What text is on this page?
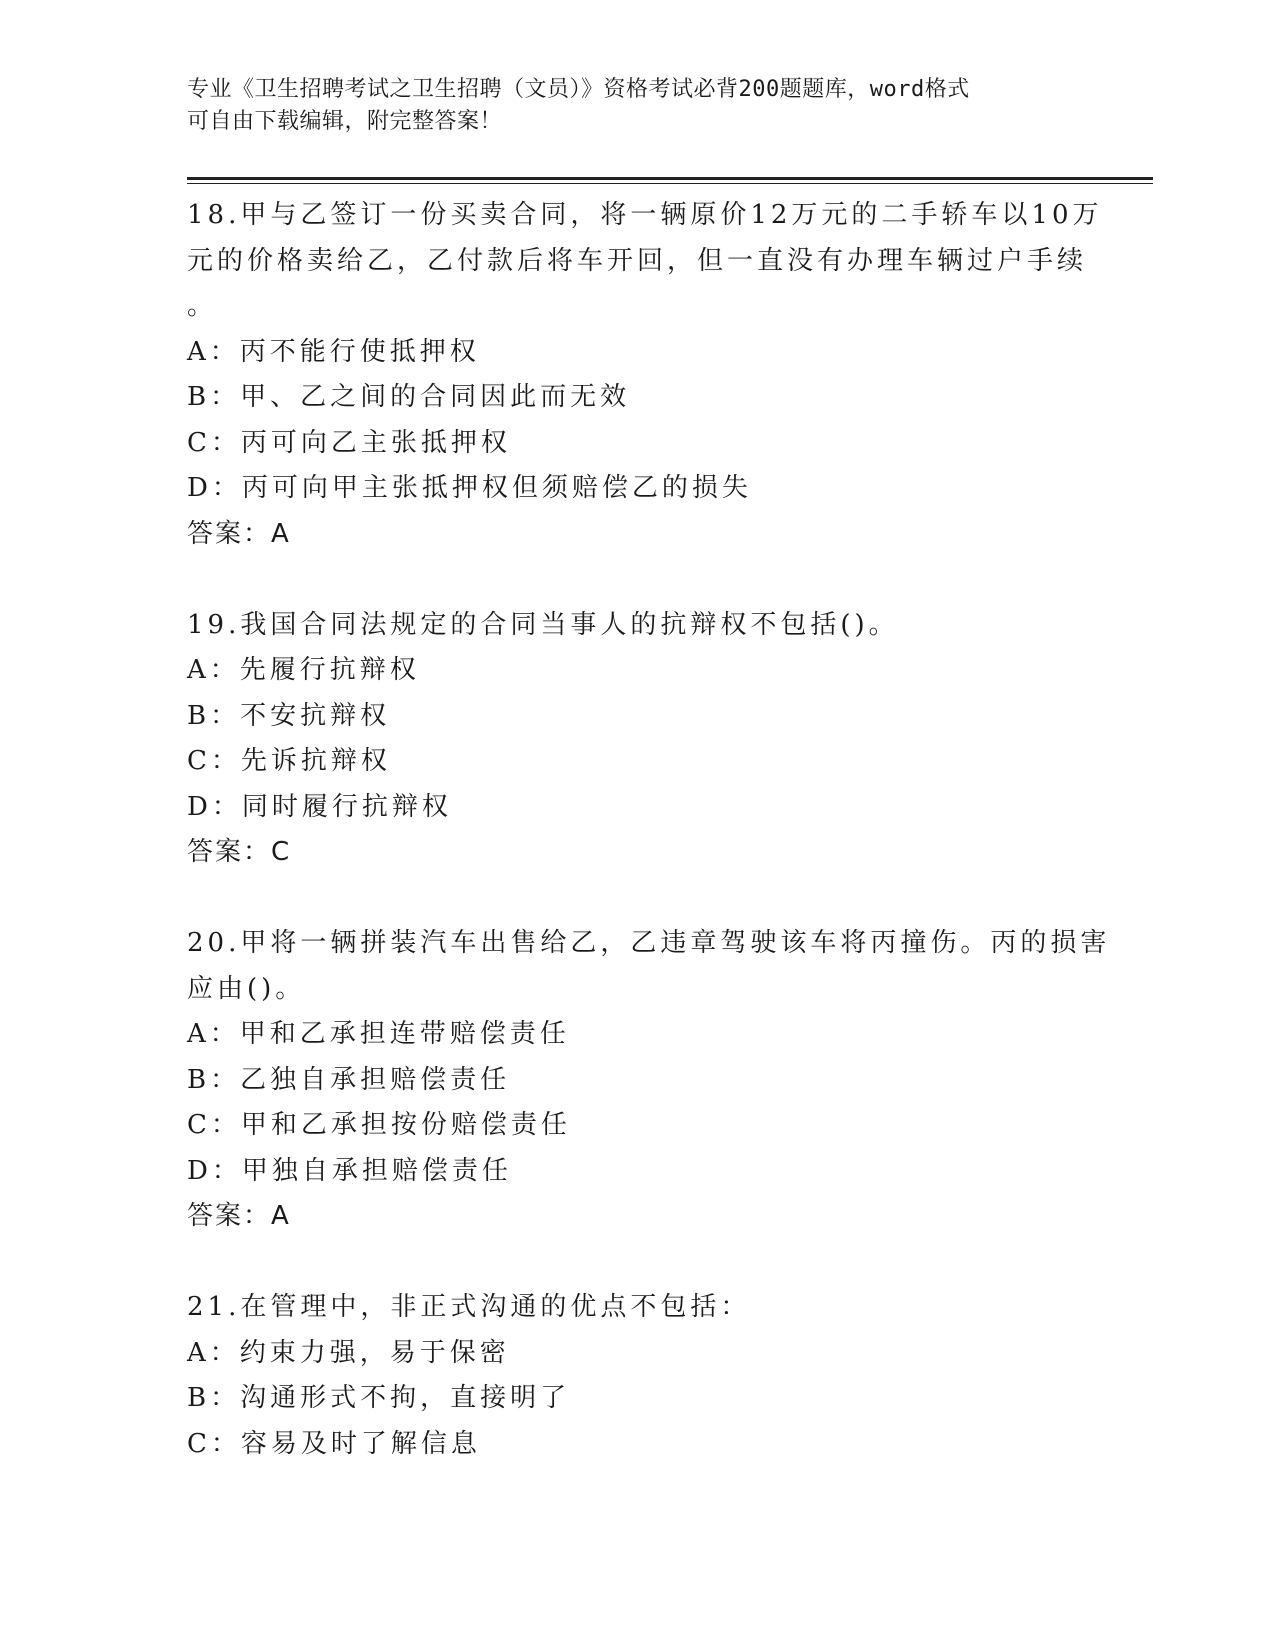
专业《卫生招聘考试之卫生招聘（文员）》资格考试必背200题题库，word格式
可自由下载编辑，附完整答案！
18.甲与乙签订一份买卖合同，将一辆原价12万元的二手轿车以10万
元的价格卖给乙，乙付款后将车开回，但一直没有办理车辆过户手续
。
A：丙不能行使抵押权
B：甲、乙之间的合同因此而无效
C：丙可向乙主张抵押权
D：丙可向甲主张抵押权但须赔偿乙的损失
答案：A
19.我国合同法规定的合同当事人的抗辩权不包括()。
A：先履行抗辩权
B：不安抗辩权
C：先诉抗辩权
D：同时履行抗辩权
答案：C
20.甲将一辆拼装汽车出售给乙，乙违章驾驶该车将丙撞伤。丙的损害
应由()。
A：甲和乙承担连带赔偿责任
B：乙独自承担赔偿责任
C：甲和乙承担按份赔偿责任
D：甲独自承担赔偿责任
答案：A
21.在管理中，非正式沟通的优点不包括：
A：约束力强，易于保密
B：沟通形式不拘，直接明了
C：容易及时了解信息
